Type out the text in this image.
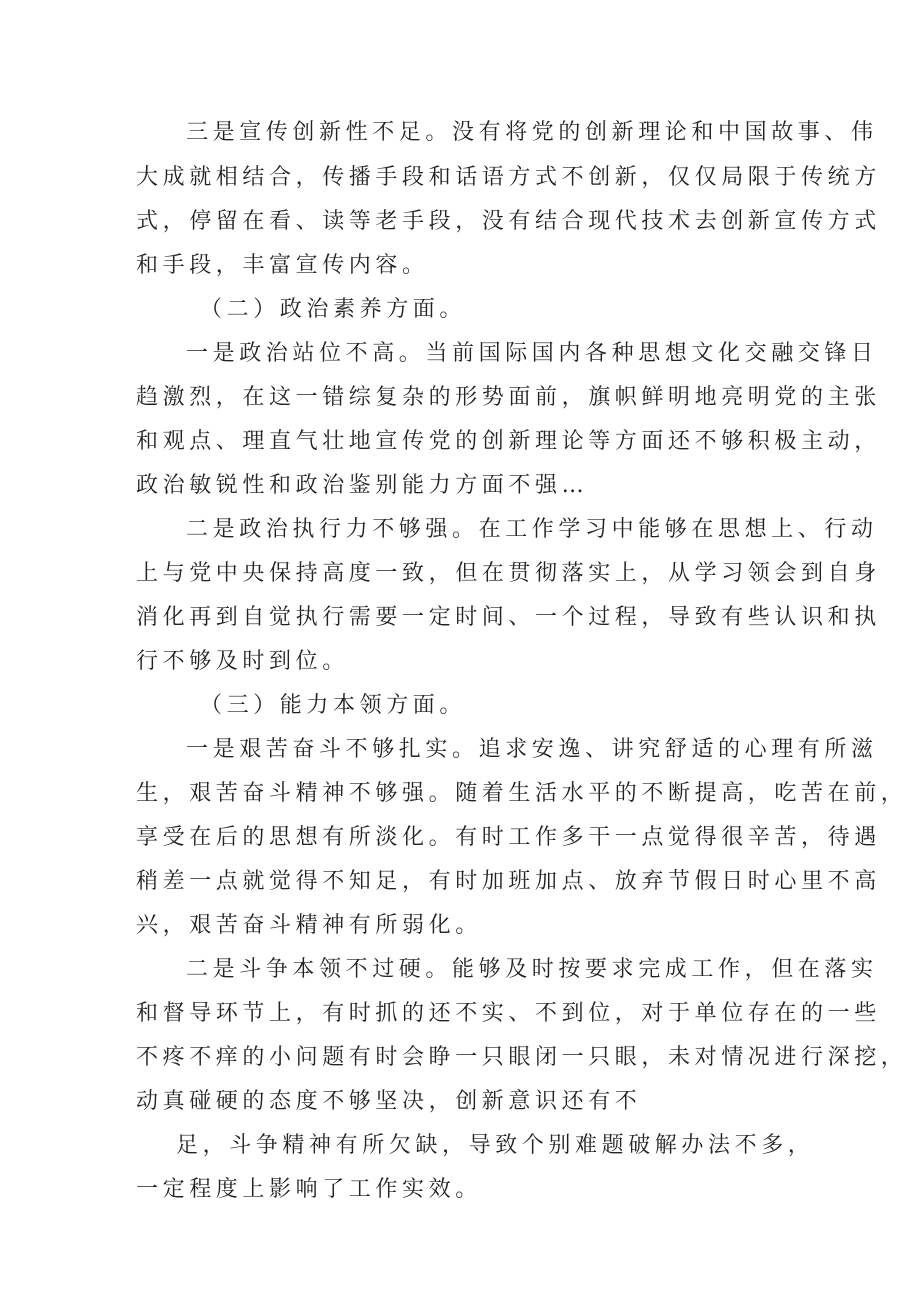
三是宣传创新性不足。没有将党的创新理论和中国故事、伟
大成就相结合，传播手段和话语方式不创新，仅仅局限于传统方
式，停留在看、读等老手段，没有结合现代技术去创新宣传方式
和手段，丰富宣传内容。
（二）政治素养方面。
一是政治站位不高。当前国际国内各种思想文化交融交锋日
趋激烈，在这一错综复杂的形势面前，旗帜鲜明地亮明党的主张
和观点、理直气壮地宣传党的创新理论等方面还不够积极主动，
政治敏锐性和政治鉴别能力方面不强…
二是政治执行力不够强。在工作学习中能够在思想上、行动
上与党中央保持高度一致，但在贯彻落实上，从学习领会到自身
消化再到自觉执行需要一定时间、一个过程，导致有些认识和执
行不够及时到位。
（三）能力本领方面。
一是艰苦奋斗不够扎实。追求安逸、讲究舒适的心理有所滋
生，艰苦奋斗精神不够强。随着生活水平的不断提高，吃苦在前，
享受在后的思想有所淡化。有时工作多干一点觉得很辛苦，待遇
稍差一点就觉得不知足，有时加班加点、放弃节假日时心里不高
兴，艰苦奋斗精神有所弱化。
二是斗争本领不过硬。能够及时按要求完成工作，但在落实
和督导环节上，有时抓的还不实、不到位，对于单位存在的一些
不疼不痒的小问题有时会睁一只眼闭一只眼，未对情况进行深挖，
动真碰硬的态度不够坚决，创新意识还有不
足，斗争精神有所欠缺，导致个别难题破解办法不多，
一定程度上影响了工作实效。
